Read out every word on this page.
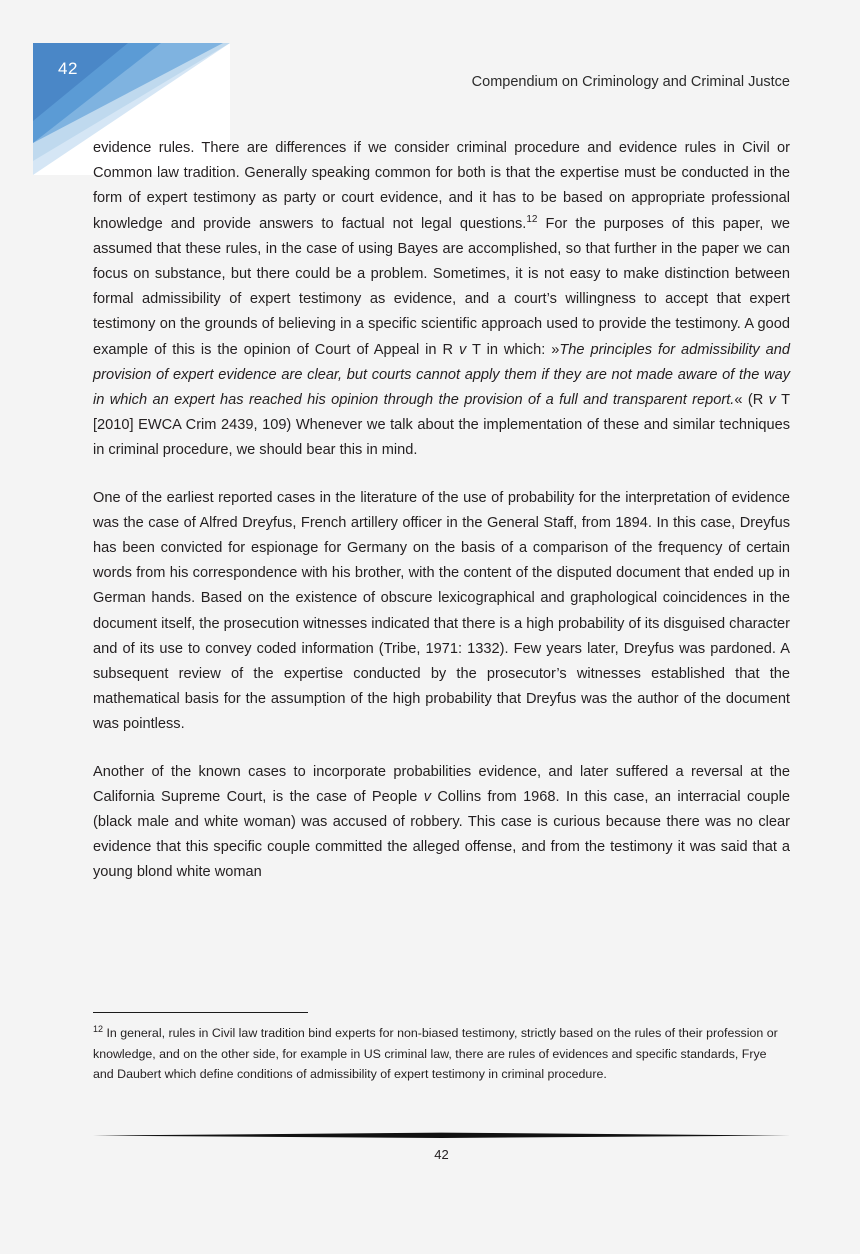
42
Compendium on Criminology and Criminal Justce

evidence rules. There are differences if we consider criminal procedure and evidence rules in Civil or Common law tradition. Generally speaking common for both is that the expertise must be conducted in the form of expert testimony as party or court evidence, and it has to be based on appropriate professional knowledge and provide answers to factual not legal questions.$^{12}$ For the purposes of this paper, we assumed that these rules, in the case of using Bayes are accomplished, so that further in the paper we can focus on substance, but there could be a problem. Sometimes, it is not easy to make distinction between formal admissibility of expert testimony as evidence, and a court’s willingness to accept that expert testimony on the grounds of believing in a specific scientific approach used to provide the testimony. A good example of this is the opinion of Court of Appeal in R v T in which: »The principles for admissibility and provision of expert evidence are clear, but courts cannot apply them if they are not made aware of the way in which an expert has reached his opinion through the provision of a full and transparent report.« (R v T [2010] EWCA Crim 2439, 109) Whenever we talk about the implementation of these and similar techniques in criminal procedure, we should bear this in mind.

One of the earliest reported cases in the literature of the use of probability for the interpretation of evidence was the case of Alfred Dreyfus, French artillery officer in the General Staff, from 1894. In this case, Dreyfus has been convicted for espionage for Germany on the basis of a comparison of the frequency of certain words from his correspondence with his brother, with the content of the disputed document that ended up in German hands. Based on the existence of obscure lexicographical and graphological coincidences in the document itself, the prosecution witnesses indicated that there is a high probability of its disguised character and of its use to convey coded information (Tribe, 1971: 1332). Few years later, Dreyfus was pardoned. A subsequent review of the expertise conducted by the prosecutor’s witnesses established that the mathematical basis for the assumption of the high probability that Dreyfus was the author of the document was pointless.

Another of the known cases to incorporate probabilities evidence, and later suffered a reversal at the California Supreme Court, is the case of People v Collins from 1968. In this case, an interracial couple (black male and white woman) was accused of robbery. This case is curious because there was no clear evidence that this specific couple committed the alleged offense, and from the testimony it was said that a young blond white woman

$^{12}$ In general, rules in Civil law tradition bind experts for non-biased testimony, strictly based on the rules of their profession or knowledge, and on the other side, for example in US criminal law, there are rules of evidences and specific standards, Frye and Daubert which define conditions of admissibility of expert testimony in criminal procedure.

42
